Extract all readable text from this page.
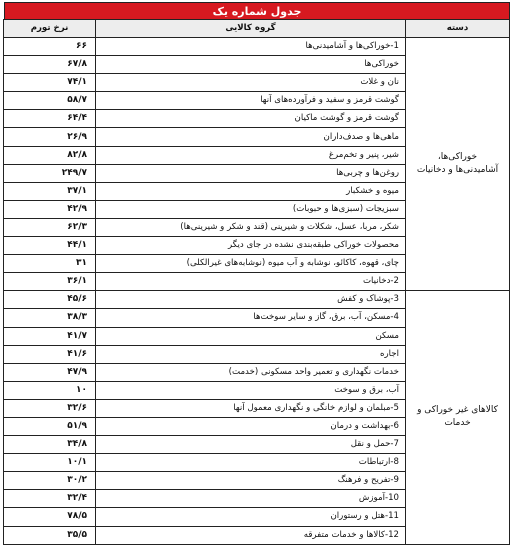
جدول شماره یک
دسته	گروه کالایی	نرخ تورم
خوراکی‌ها، آشامیدنی‌ها و دخانیات	1-خوراکی‌ها و آشامیدنی‌ها	۶۶
	خوراکی‌ها	۶۷/۸
	نان و غلات	۷۴/۱
	گوشت قرمز و سفید و فرآورده‌های آنها	۵۸/۷
	گوشت قرمز و گوشت ماکیان	۶۴/۴
	ماهی‌ها و صدف‌داران	۲۶/۹
	شیر، پنیر و تخم‌مرغ	۸۲/۸
	روغن‌ها و چربی‌ها	۲۴۹/۷
	میوه و خشکبار	۳۷/۱
	سبزیجات (سبزی‌ها و حبوبات)	۴۲/۹
	شکر، مربا، عسل، شکلات و شیرینی (قند و شکر و شیرینی‌ها)	۶۲/۳
	محصولات خوراکی طبقه‌بندی نشده در جای دیگر	۴۴/۱
	چای، قهوه، کاکائو، نوشابه و آب میوه (نوشابه‌های غیرالکلی)	۳۱
	2-دخانیات	۳۶/۱
کالاهای غیر خوراکی و خدمات	3-پوشاک و کفش	۴۵/۶
	4-مسکن، آب، برق، گاز و سایر سوخت‌ها	۳۸/۳
	مسکن	۴۱/۷
	اجاره	۴۱/۶
	خدمات نگهداری و تعمیر واحد مسکونی (خدمت)	۴۷/۹
	آب، برق و سوخت	۱۰
	5-مبلمان و لوازم خانگی و نگهداری معمول آنها	۳۲/۶
	6-بهداشت و درمان	۵۱/۹
	7-حمل و نقل	۳۴/۸
	8-ارتباطات	۱۰/۱
	9-تفریح و فرهنگ	۳۰/۲
	10-آموزش	۳۲/۴
	11-هتل و رستوران	۷۸/۵
	12-کالاها و خدمات متفرقه	۳۵/۵
